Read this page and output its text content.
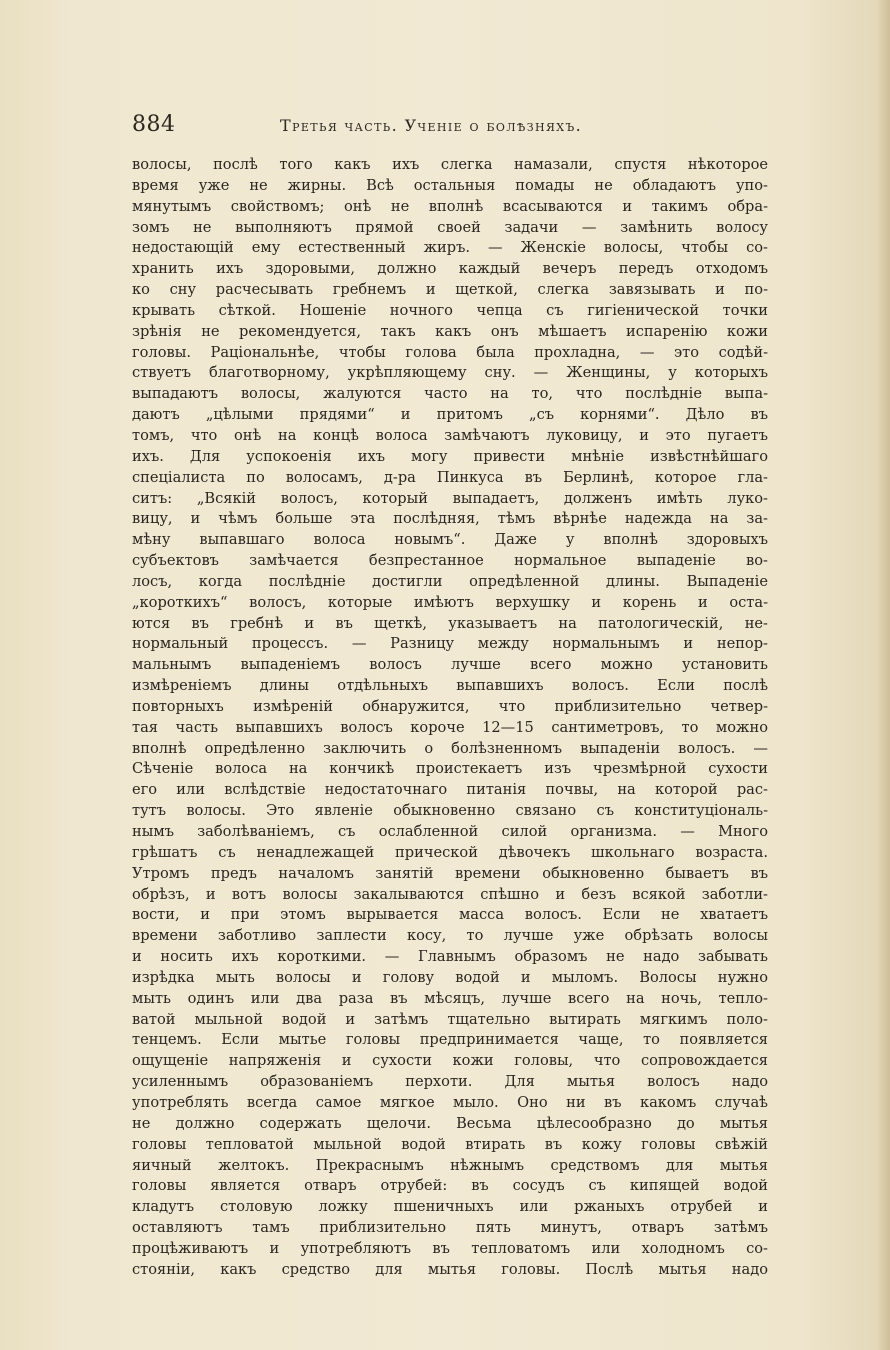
884	Третья часть. Ученіе о болѣзняхъ.
волосы, послѣ того какъ ихъ слегка намазали, спустя нѣкоторое
время уже не жирны. Всѣ остальныя помады не обладаютъ упо-
мянутымъ свойствомъ; онѣ не вполнѣ всасываются и такимъ обра-
зомъ не выполняютъ прямой своей задачи — замѣнить волосу
недостающій ему естественный жиръ. — Женскіе волосы, чтобы со-
хранить ихъ здоровыми, должно каждый вечеръ передъ отходомъ
ко сну расчесывать гребнемъ и щеткой, слегка завязывать и по-
крывать сѣткой. Ношеніе ночного чепца съ гигіенической точки
зрѣнія не рекомендуется, такъ какъ онъ мѣшаетъ испаренію кожи
головы. Раціональнѣе, чтобы голова была прохладна, — это содѣй-
ствуетъ благотворному, укрѣпляющему сну. — Женщины, у которыхъ
выпадаютъ волосы, жалуются часто на то, что послѣдніе выпа-
даютъ „цѣлыми прядями“ и притомъ „съ корнями“. Дѣло въ
томъ, что онѣ на концѣ волоса замѣчаютъ луковицу, и это пугаетъ
ихъ. Для успокоенія ихъ могу привести мнѣніе извѣстнѣйшаго
спеціалиста по волосамъ, д-ра Пинкуса въ Берлинѣ, которое гла-
ситъ: „Всякій волосъ, который выпадаетъ, долженъ имѣть луко-
вицу, и чѣмъ больше эта послѣдняя, тѣмъ вѣрнѣе надежда на за-
мѣну выпавшаго волоса новымъ“. Даже у вполнѣ здоровыхъ
субъектовъ замѣчается безпрестанное нормальное выпаденіе во-
лосъ, когда послѣдніе достигли опредѣленной длины. Выпаденіе
„короткихъ“ волосъ, которые имѣютъ верхушку и корень и оста-
ются въ гребнѣ и въ щеткѣ, указываетъ на патологическій, не-
нормальный процессъ. — Разницу между нормальнымъ и непор-
мальнымъ выпаденіемъ волосъ лучше всего можно установить
измѣреніемъ длины отдѣльныхъ выпавшихъ волосъ. Если послѣ
повторныхъ измѣреній обнаружится, что приблизительно четвер-
тая часть выпавшихъ волосъ короче 12—15 сантиметровъ, то можно
вполнѣ опредѣленно заключить о болѣзненномъ выпаденіи волосъ. —
Сѣченіе волоса на кончикѣ проистекаетъ изъ чрезмѣрной сухости
его или вслѣдствіе недостаточнаго питанія почвы, на которой рас-
тутъ волосы. Это явленіе обыкновенно связано съ конституціональ-
нымъ заболѣваніемъ, съ ослабленной силой организма. — Много
грѣшатъ съ ненадлежащей прической дѣвочекъ школьнаго возраста.
Утромъ предъ началомъ занятій времени обыкновенно бываетъ въ
обрѣзъ, и вотъ волосы закалываются спѣшно и безъ всякой заботли-
вости, и при этомъ вырывается масса волосъ. Если не хватаетъ
времени заботливо заплести косу, то лучше уже обрѣзать волосы
и носить ихъ короткими. — Главнымъ образомъ не надо забывать
изрѣдка мыть волосы и голову водой и мыломъ. Волосы нужно
мыть одинъ или два раза въ мѣсяцъ, лучше всего на ночь, тепло-
ватой мыльной водой и затѣмъ тщательно вытирать мягкимъ поло-
тенцемъ. Если мытье головы предпринимается чаще, то появляется
ощущеніе напряженія и сухости кожи головы, что сопровождается
усиленнымъ образованіемъ перхоти. Для мытья волосъ надо
употреблять всегда самое мягкое мыло. Оно ни въ какомъ случаѣ
не должно содержать щелочи. Весьма цѣлесообразно до мытья
головы тепловатой мыльной водой втирать въ кожу головы свѣжій
яичный желтокъ. Прекраснымъ нѣжнымъ средствомъ для мытья
головы является отваръ отрубей: въ сосудъ съ кипящей водой
кладутъ столовую ложку пшеничныхъ или ржаныхъ отрубей и
оставляютъ тамъ приблизительно пять минутъ, отваръ затѣмъ
процѣживаютъ и употребляютъ въ тепловатомъ или холодномъ со-
стояніи, какъ средство для мытья головы. Послѣ мытья надо
